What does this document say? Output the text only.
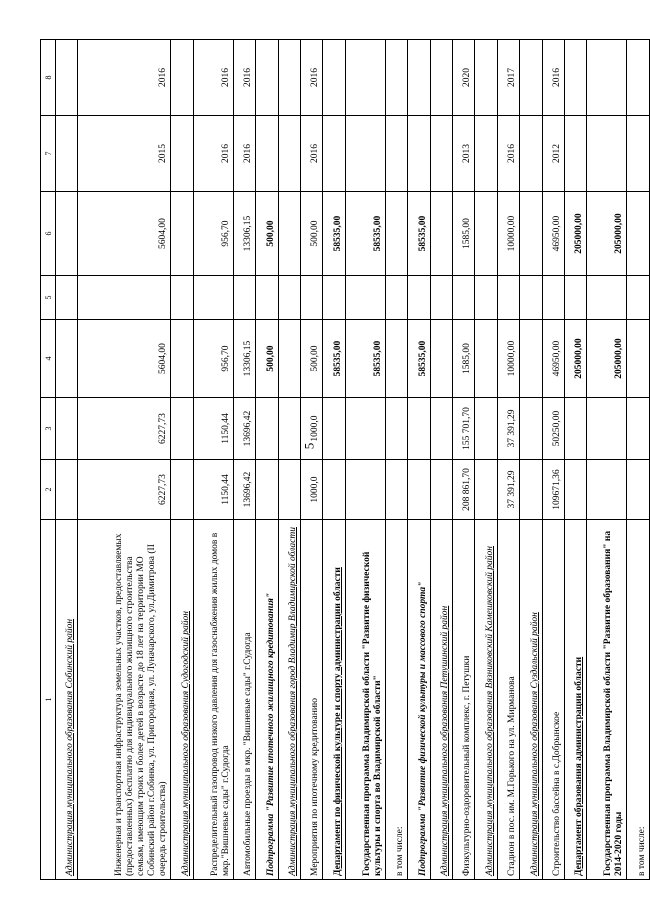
5
1	2	3	4	5	6	7	8
Администрация муниципального образования Собинский район							
Инженерная и транспортная инфраструктура земельных участков, предоставляемых (предоставленных) бесплатно для индивидуального жилищного строительства семьям, имеющим троих и более детей в возрасте до 18 лет на территории МО Собинский район г.Собинка, ул. Пригородная, ул. Луначарского, ул.Димитрова (II очередь строительства)	6227,73	6227,73	5604,00		5604,00	2015	2016
Администрация муниципального образования Судогодский район							
Распределительный газопровод низкого давления для газоснабжения жилых домов в мкр."Вишневые сады" г.Судогда	1150,44	1150,44	956,70		956,70	2016	2016
Автомобильные проезды в мкр. "Вишневые сады" г.Судогда	13696,42	13696,42	13306,15		13306,15	2016	2016
Подпрограмма "Развитие ипотечного жилищного кредитования"			500,00		500,00		
Администрация муниципального образования город Владимир Владимирской области							
Мероприятия по ипотечному кредитованию	1000,0	1000,0	500,00		500,00	2016	2016
Департамент по физической культуре и спорту администрации области			58535,00		58535,00		
Государственная программа Владимирской области "Развитие физической культуры и спорта во Владимирской области"			58535,00		58535,00		
в том числе:							
Подпрограмма "Развитие физической культуры и массового спорта"			58535,00		58535,00		
Администрация муниципального образования Петушинский район							
Физкультурно-оздоровительный комплекс, г. Петушки	208 861,70	155 701,70	1585,00		1585,00	2013	2020
Администрация муниципального образования Вязниковский Камешковский район							
Стадион в пос. им. М.Горького на ул. Мирманова	37 391,29	37 391,29	10000,00		10000,00	2016	2017
Администрация муниципального образования Суздальский район							
Строительство бассейна в с.Добрынское	109671,36	50250,00	46950,00		46950,00	2012	2016
Департамент образования администрации области			205000,00		205000,00		
Государственная программа Владимирской области "Развитие образования" на 2014-2020 годы			205000,00		205000,00		
в том числе:							
